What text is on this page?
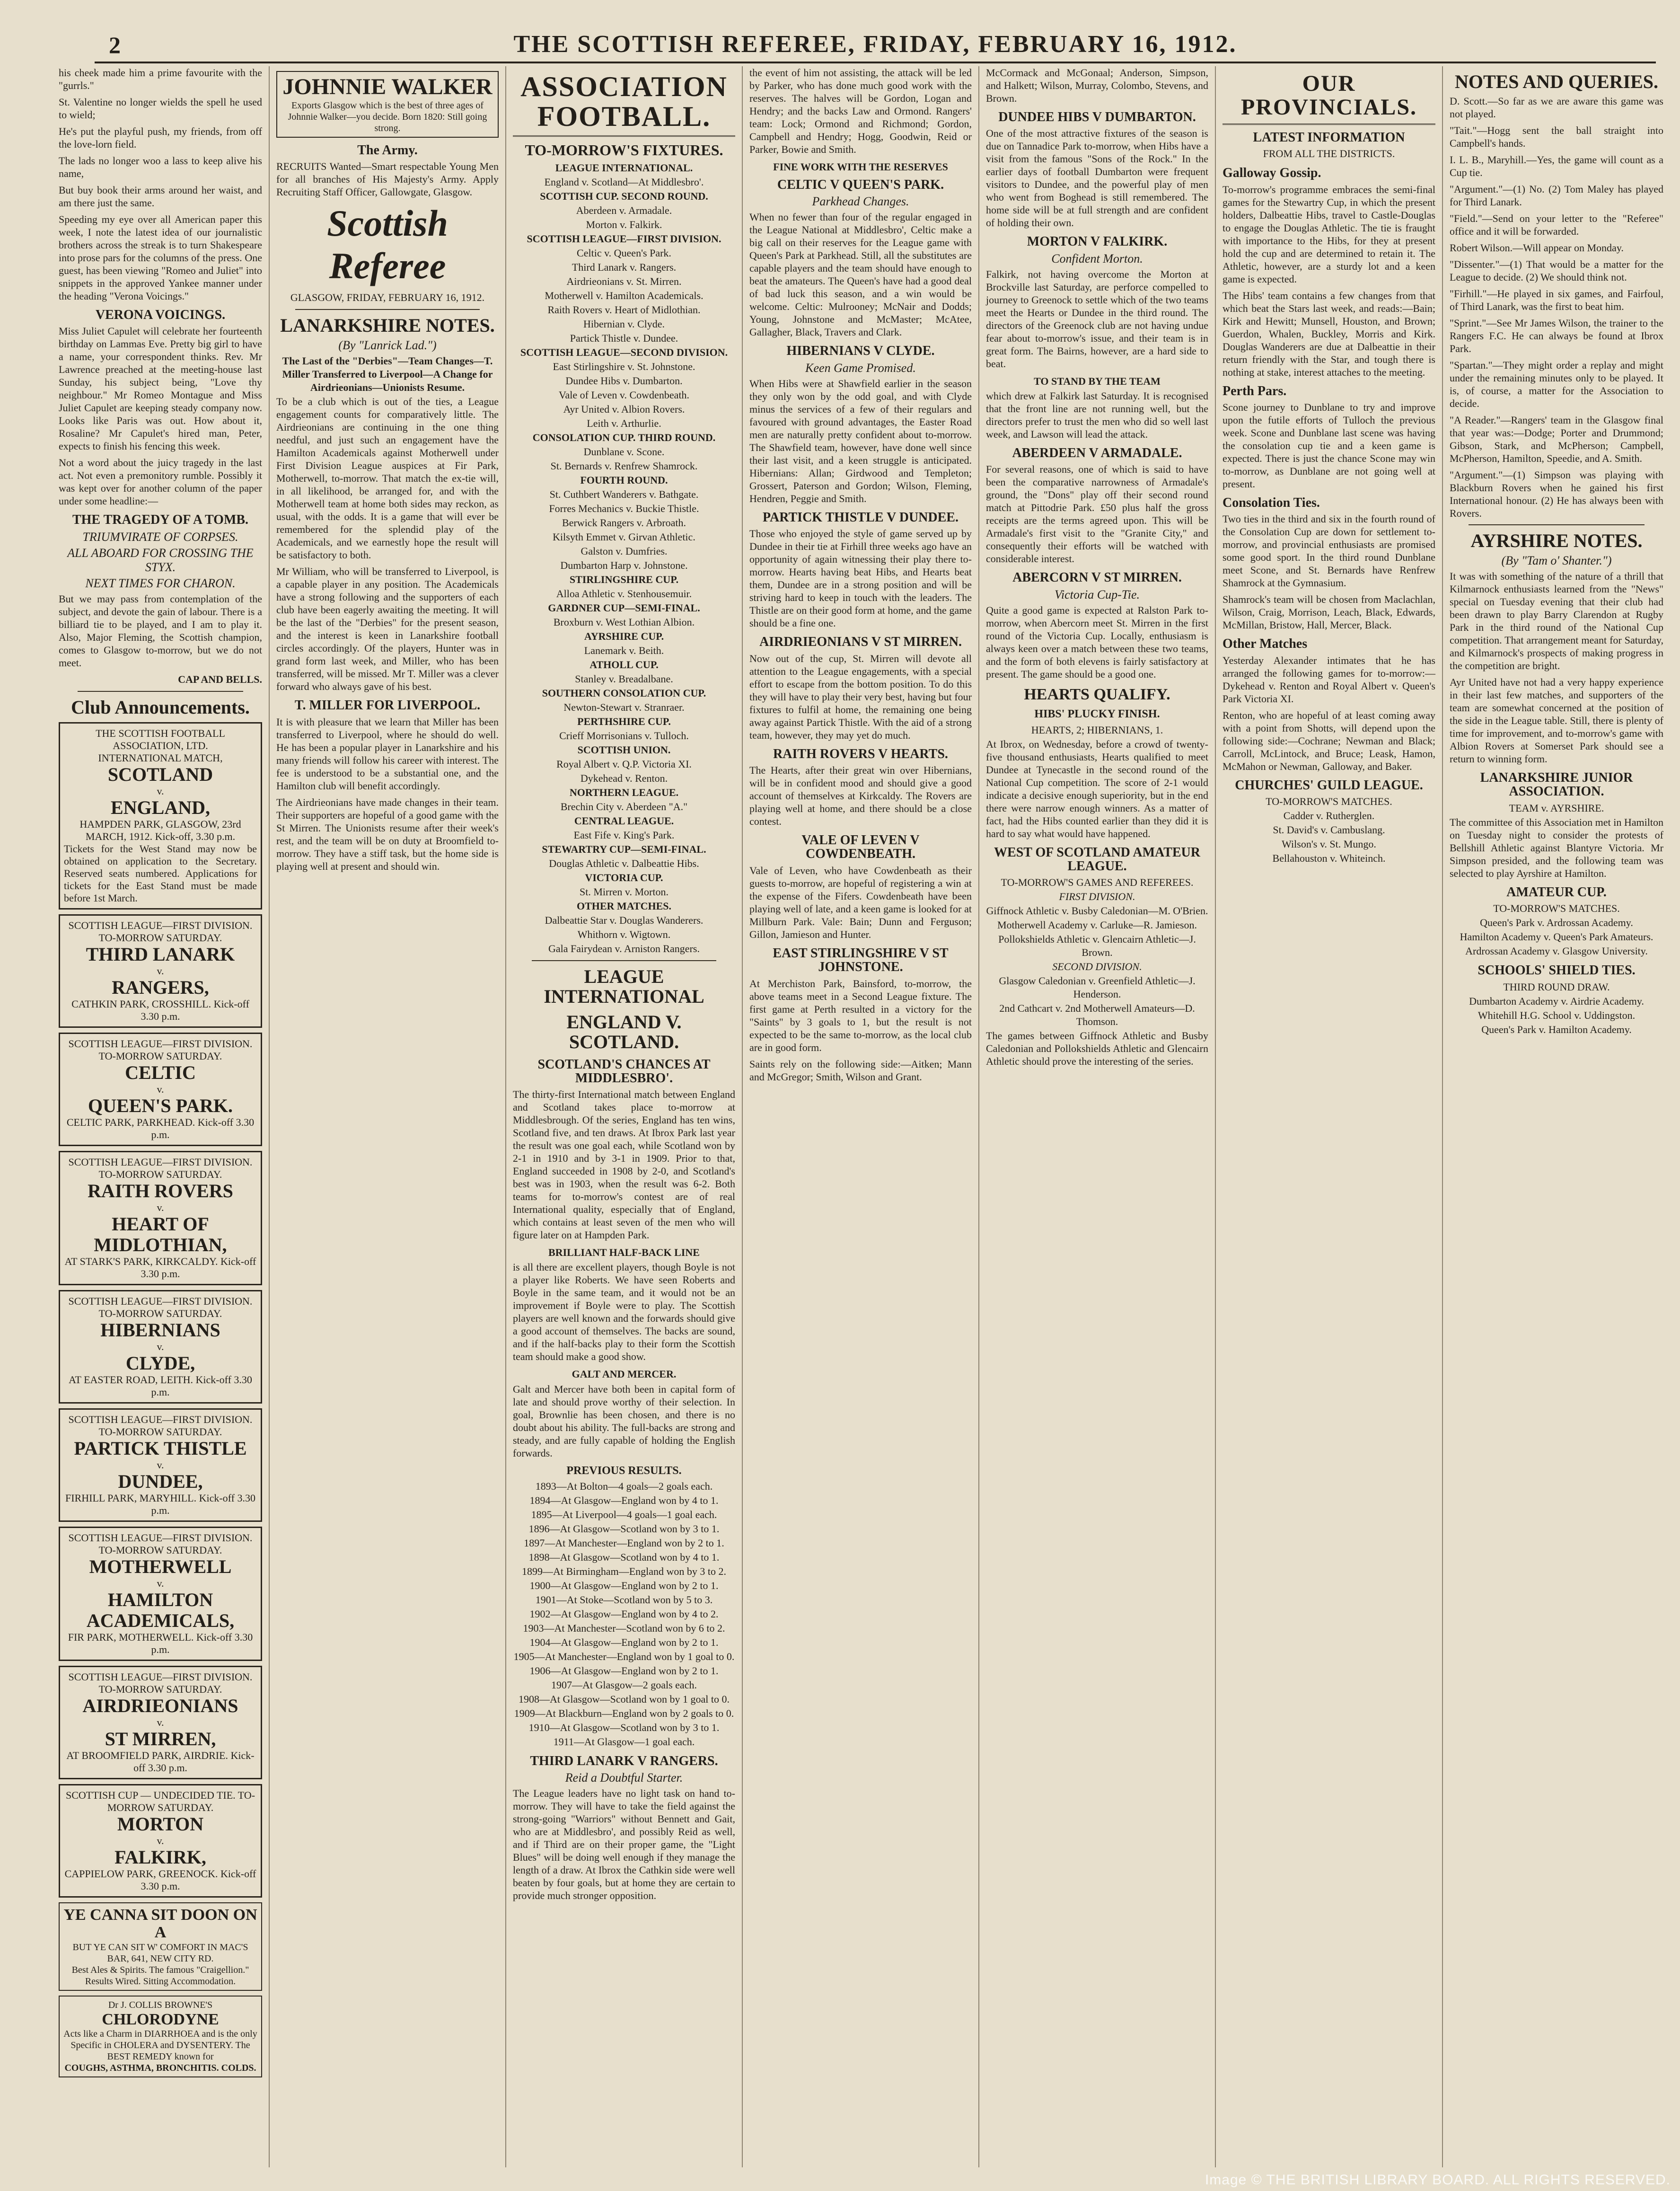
2	THE SCOTTISH REFEREE, FRIDAY, FEBRUARY 16, 1912.
his cheek made him a prime favourite with the "gurrls."
St. Valentine no longer wields the spell he used to wield;
He's put the playful push, my friends, from off the love-lorn field.
The lads no longer woo a lass to keep alive his name,
But buy book their arms around her waist, and am there just the same.
Speeding my eye over all American paper this week, I note the latest idea of our journalistic brothers across the streak is to turn Shakespeare into prose pars for the columns of the press. One guest, has been viewing "Romeo and Juliet" into snippets in the approved Yankee manner under the heading "Verona Voicings."
VERONA VOICINGS.

Miss Juliet Capulet will celebrate her fourteenth birthday on Lammas Eve. Pretty big girl to have a name, your correspondent thinks. Rev. Mr Lawrence preached at the meeting-house last Sunday, his subject being, "Love thy neighbour." Mr Romeo Montague and Miss Juliet Capulet are keeping steady company now. Looks like Paris was out. How about it, Rosaline? Mr Capulet's hired man, Peter, expects to finish his fencing this week.

Not a word about the juicy tragedy in the last act. Not even a premonitory rumble. Possibly it was kept over for another column of the paper under some headline:—

THE TRAGEDY OF A TOMB.
TRIUMVIRATE OF CORPSES.
ALL ABOARD FOR CROSSING THE STYX.
NEXT TIMES FOR CHARON.

But we may pass from contemplation of the subject, and devote the gain of labour. There is a billiard tie to be played, and I am to play it. Also, Major Fleming, the Scottish champion, comes to Glasgow to-morrow, but we do not meet.

CAP AND BELLS.
Club Announcements.
THE SCOTTISH FOOTBALL ASSOCIATION, LTD.
INTERNATIONAL MATCH,
SCOTLAND
v.
ENGLAND,
HAMPDEN PARK, GLASGOW, 23rd MARCH, 1912. Kick-off, 3.30 p.m.
Tickets for the West Stand may now be obtained on application to the Secretary. Reserved seats numbered. Applications for tickets for the East Stand must be made before 1st March.
SCOTTISH LEAGUE—FIRST DIVISION. TO-MORROW SATURDAY.
THIRD LANARK
v.
RANGERS,
CATHKIN PARK, CROSSHILL. Kick-off 3.30 p.m.
SCOTTISH LEAGUE—FIRST DIVISION. TO-MORROW SATURDAY.
CELTIC
v.
QUEEN'S PARK.
CELTIC PARK, PARKHEAD. Kick-off 3.30 p.m.
SCOTTISH LEAGUE—FIRST DIVISION. TO-MORROW SATURDAY.
RAITH ROVERS
v.
HEART OF MIDLOTHIAN,
AT STARK'S PARK, KIRKCALDY. Kick-off 3.30 p.m.
SCOTTISH LEAGUE—FIRST DIVISION. TO-MORROW SATURDAY.
HIBERNIANS
v.
CLYDE,
AT EASTER ROAD, LEITH. Kick-off 3.30 p.m.
SCOTTISH LEAGUE—FIRST DIVISION. TO-MORROW SATURDAY.
PARTICK THISTLE
v.
DUNDEE,
FIRHILL PARK, MARYHILL. Kick-off 3.30 p.m.
SCOTTISH LEAGUE—FIRST DIVISION. TO-MORROW SATURDAY.
MOTHERWELL
v.
HAMILTON ACADEMICALS,
FIR PARK, MOTHERWELL. Kick-off 3.30 p.m.
SCOTTISH LEAGUE—FIRST DIVISION. TO-MORROW SATURDAY.
AIRDRIEONIANS
v.
ST MIRREN,
AT BROOMFIELD PARK, AIRDRIE. Kick-off 3.30 p.m.
SCOTTISH CUP — UNDECIDED TIE. TO-MORROW SATURDAY.
MORTON
v.
FALKIRK,
CAPPIELOW PARK, GREENOCK. Kick-off 3.30 p.m.
YE CANNA SIT DOON ON A
BUT YE CAN SIT W' COMFORT IN MAC'S BAR, 641, NEW CITY RD.
Best Ales & Spirits. The famous "Craigellion." Results Wired. Sitting Accommodation.
Dr J. COLLIS BROWNE'S
CHLORODYNE
Acts like a Charm in DIARRHOEA and is the only Specific in CHOLERA and DYSENTERY. The BEST REMEDY known for
COUGHS, ASTHMA, BRONCHITIS. COLDS.
JOHNNIE WALKER
Exports Glasgow which is the best of three ages of Johnnie Walker—you decide. Born 1820: Still going strong.
The Army.

RECRUITS Wanted—Smart respectable Young Men for all branches of His Majesty's Army. Apply Recruiting Staff Officer, Gallowgate, Glasgow.

Scottish Referee
GLASGOW, FRIDAY, FEBRUARY 16, 1912.
LANARKSHIRE NOTES.
(By "Lanrick Lad.")
The Last of the "Derbies"—Team Changes—T. Miller Transferred to Liverpool—A Change for Airdrieonians—Unionists Resume.

To be a club which is out of the ties, a League engagement counts for comparatively little. The Airdrieonians are continuing in the one thing needful, and just such an engagement have the Hamilton Academicals against Motherwell under First Division League auspices at Fir Park, Motherwell, to-morrow. That match the ex-tie will, in all likelihood, be arranged for, and with the Motherwell team at home both sides may reckon, as usual, with the odds. It is a game that will ever be remembered for the splendid play of the Academicals, and we earnestly hope the result will be satisfactory to both.

Mr William, who will be transferred to Liverpool, is a capable player in any position. The Academicals have a strong following and the supporters of each club have been eagerly awaiting the meeting. It will be the last of the "Derbies" for the present season, and the interest is keen in Lanarkshire football circles accordingly. Of the players, Hunter was in grand form last week, and Miller, who has been transferred, will be missed. Mr T. Miller was a clever forward who always gave of his best.

T. MILLER FOR LIVERPOOL.

It is with pleasure that we learn that Miller has been transferred to Liverpool, where he should do well. He has been a popular player in Lanarkshire and his many friends will follow his career with interest. The fee is understood to be a substantial one, and the Hamilton club will benefit accordingly.

The Airdrieonians have made changes in their team. Their supporters are hopeful of a good game with the St Mirren. The Unionists resume after their week's rest, and the team will be on duty at Broomfield to-morrow. They have a stiff task, but the home side is playing well at present and should win.

ASSOCIATION FOOTBALL.
TO-MORROW'S FIXTURES.
LEAGUE INTERNATIONAL.
England v. Scotland—At Middlesbro'.
SCOTTISH CUP. SECOND ROUND.
Aberdeen v. Armadale.
Morton v. Falkirk.
SCOTTISH LEAGUE—FIRST DIVISION.
Celtic v. Queen's Park.
Third Lanark v. Rangers.
Airdrieonians v. St. Mirren.
Motherwell v. Hamilton Academicals.
Raith Rovers v. Heart of Midlothian.
Hibernian v. Clyde.
Partick Thistle v. Dundee.
SCOTTISH LEAGUE—SECOND DIVISION.
East Stirlingshire v. St. Johnstone.
Dundee Hibs v. Dumbarton.
Vale of Leven v. Cowdenbeath.
Ayr United v. Albion Rovers.
Leith v. Arthurlie.
CONSOLATION CUP. THIRD ROUND.
Dunblane v. Scone.
St. Bernards v. Renfrew Shamrock.
FOURTH ROUND.
St. Cuthbert Wanderers v. Bathgate.
Forres Mechanics v. Buckie Thistle.
Berwick Rangers v. Arbroath.
Kilsyth Emmet v. Girvan Athletic.
Galston v. Dumfries.
Dumbarton Harp v. Johnstone.
STIRLINGSHIRE CUP.
Alloa Athletic v. Stenhousemuir.
GARDNER CUP—SEMI-FINAL.
Broxburn v. West Lothian Albion.
AYRSHIRE CUP.
Lanemark v. Beith.
ATHOLL CUP.
Stanley v. Breadalbane.
SOUTHERN CONSOLATION CUP.
Newton-Stewart v. Stranraer.
PERTHSHIRE CUP.
Crieff Morrisonians v. Tulloch.
SCOTTISH UNION.
Royal Albert v. Q.P. Victoria XI.
Dykehead v. Renton.
NORTHERN LEAGUE.
Brechin City v. Aberdeen "A."
CENTRAL LEAGUE.
East Fife v. King's Park.
STEWARTRY CUP—SEMI-FINAL.
Douglas Athletic v. Dalbeattie Hibs.
VICTORIA CUP.
St. Mirren v. Morton.
OTHER MATCHES.
Dalbeattie Star v. Douglas Wanderers.
Whithorn v. Wigtown.
Gala Fairydean v. Arniston Rangers.
LEAGUE INTERNATIONAL
ENGLAND V. SCOTLAND.
SCOTLAND'S CHANCES AT MIDDLESBRO'.

The thirty-first International match between England and Scotland takes place to-morrow at Middlesbrough. Of the series, England has ten wins, Scotland five, and ten draws. At Ibrox Park last year the result was one goal each, while Scotland won by 2-1 in 1910 and by 3-1 in 1909. Prior to that, England succeeded in 1908 by 2-0, and Scotland's best was in 1903, when the result was 6-2. Both teams for to-morrow's contest are of real International quality, especially that of England, which contains at least seven of the men who will figure later on at Hampden Park.

BRILLIANT HALF-BACK LINE

is all there are excellent players, though Boyle is not a player like Roberts. We have seen Roberts and Boyle in the same team, and it would not be an improvement if Boyle were to play. The Scottish players are well known and the forwards should give a good account of themselves. The backs are sound, and if the half-backs play to their form the Scottish team should make a good show.

GALT AND MERCER.

Galt and Mercer have both been in capital form of late and should prove worthy of their selection. In goal, Brownlie has been chosen, and there is no doubt about his ability. The full-backs are strong and steady, and are fully capable of holding the English forwards.

PREVIOUS RESULTS.
1893—At Bolton—4 goals—2 goals each.
1894—At Glasgow—England won by 4 to 1.
1895—At Liverpool—4 goals—1 goal each.
1896—At Glasgow—Scotland won by 3 to 1.
1897—At Manchester—England won by 2 to 1.
1898—At Glasgow—Scotland won by 4 to 1.
1899—At Birmingham—England won by 3 to 2.
1900—At Glasgow—England won by 2 to 1.
1901—At Stoke—Scotland won by 5 to 3.
1902—At Glasgow—England won by 4 to 2.
1903—At Manchester—Scotland won by 6 to 2.
1904—At Glasgow—England won by 2 to 1.
1905—At Manchester—England won by 1 goal to 0.
1906—At Glasgow—England won by 2 to 1.
1907—At Glasgow—2 goals each.
1908—At Glasgow—Scotland won by 1 goal to 0.
1909—At Blackburn—England won by 2 goals to 0.
1910—At Glasgow—Scotland won by 3 to 1.
1911—At Glasgow—1 goal each.
THIRD LANARK V RANGERS.
Reid a Doubtful Starter.

The League leaders have no light task on hand to-morrow. They will have to take the field against the strong-going "Warriors" without Bennett and Gait, who are at Middlesbro', and possibly Reid as well, and if Third are on their proper game, the "Light Blues" will be doing well enough if they manage the length of a draw. At Ibrox the Cathkin side were well beaten by four goals, but at home they are certain to provide much stronger opposition.

the event of him not assisting, the attack will be led by Parker, who has done much good work with the reserves. The halves will be Gordon, Logan and Hendry; and the backs Law and Ormond. Rangers' team: Lock; Ormond and Richmond; Gordon, Campbell and Hendry; Hogg, Goodwin, Reid or Parker, Bowie and Smith.

FINE WORK WITH THE RESERVES
CELTIC V QUEEN'S PARK.
Parkhead Changes.

When no fewer than four of the regular engaged in the League National at Middlesbro', Celtic make a big call on their reserves for the League game with Queen's Park at Parkhead. Still, all the substitutes are capable players and the team should have enough to beat the amateurs. The Queen's have had a good deal of bad luck this season, and a win would be welcome. Celtic: Mulrooney; McNair and Dodds; Young, Johnstone and McMaster; McAtee, Gallagher, Black, Travers and Clark.

HIBERNIANS V CLYDE.
Keen Game Promised.

When Hibs were at Shawfield earlier in the season they only won by the odd goal, and with Clyde minus the services of a few of their regulars and favoured with ground advantages, the Easter Road men are naturally pretty confident about to-morrow. The Shawfield team, however, have done well since their last visit, and a keen struggle is anticipated. Hibernians: Allan; Girdwood and Templeton; Grossert, Paterson and Gordon; Wilson, Fleming, Hendren, Peggie and Smith.

PARTICK THISTLE V DUNDEE.

Those who enjoyed the style of game served up by Dundee in their tie at Firhill three weeks ago have an opportunity of again witnessing their play there to-morrow. Hearts having beat Hibs, and Hearts beat them, Dundee are in a strong position and will be striving hard to keep in touch with the leaders. The Thistle are on their good form at home, and the game should be a fine one.

AIRDRIEONIANS V ST MIRREN.

Now out of the cup, St. Mirren will devote all attention to the League engagements, with a special effort to escape from the bottom position. To do this they will have to play their very best, having but four fixtures to fulfil at home, the remaining one being away against Partick Thistle. With the aid of a strong team, however, they may yet do much.

RAITH ROVERS V HEARTS.

The Hearts, after their great win over Hibernians, will be in confident mood and should give a good account of themselves at Kirkcaldy. The Rovers are playing well at home, and there should be a close contest.

VALE OF LEVEN V COWDENBEATH.

Vale of Leven, who have Cowdenbeath as their guests to-morrow, are hopeful of registering a win at the expense of the Fifers. Cowdenbeath have been playing well of late, and a keen game is looked for at Millburn Park. Vale: Bain; Dunn and Ferguson; Gillon, Jamieson and Hunter.

EAST STIRLINGSHIRE V ST JOHNSTONE.

At Merchiston Park, Bainsford, to-morrow, the above teams meet in a Second League fixture. The first game at Perth resulted in a victory for the "Saints" by 3 goals to 1, but the result is not expected to be the same to-morrow, as the local club are in good form.

Saints rely on the following side:—Aitken; Mann and McGregor; Smith, Wilson and Grant.

McCormack and McGonaal; Anderson, Simpson, and Halkett; Wilson, Murray, Colombo, Stevens, and Brown.

DUNDEE HIBS V DUMBARTON.

One of the most attractive fixtures of the season is due on Tannadice Park to-morrow, when Hibs have a visit from the famous "Sons of the Rock." In the earlier days of football Dumbarton were frequent visitors to Dundee, and the powerful play of men who went from Boghead is still remembered. The home side will be at full strength and are confident of holding their own.

MORTON V FALKIRK.
Confident Morton.

Falkirk, not having overcome the Morton at Brockville last Saturday, are perforce compelled to journey to Greenock to settle which of the two teams meet the Hearts or Dundee in the third round. The directors of the Greenock club are not having undue fear about to-morrow's issue, and their team is in great form. The Bairns, however, are a hard side to beat.

TO STAND BY THE TEAM

which drew at Falkirk last Saturday. It is recognised that the front line are not running well, but the directors prefer to trust the men who did so well last week, and Lawson will lead the attack.

ABERDEEN V ARMADALE.

For several reasons, one of which is said to have been the comparative narrowness of Armadale's ground, the "Dons" play off their second round match at Pittodrie Park. £50 plus half the gross receipts are the terms agreed upon. This will be Armadale's first visit to the "Granite City," and consequently their efforts will be watched with considerable interest.

ABERCORN V ST MIRREN.
Victoria Cup-Tie.

Quite a good game is expected at Ralston Park to-morrow, when Abercorn meet St. Mirren in the first round of the Victoria Cup. Locally, enthusiasm is always keen over a match between these two teams, and the form of both elevens is fairly satisfactory at present. The game should be a good one.

HEARTS QUALIFY.
HIBS' PLUCKY FINISH.
HEARTS, 2; HIBERNIANS, 1.

At Ibrox, on Wednesday, before a crowd of twenty-five thousand enthusiasts, Hearts qualified to meet Dundee at Tynecastle in the second round of the National Cup competition. The score of 2-1 would indicate a decisive enough superiority, but in the end there were narrow enough winners. As a matter of fact, had the Hibs counted earlier than they did it is hard to say what would have happened.

WEST OF SCOTLAND AMATEUR LEAGUE.
TO-MORROW'S GAMES AND REFEREES.
FIRST DIVISION.
Giffnock Athletic v. Busby Caledonian—M. O'Brien.
Motherwell Academy v. Carluke—R. Jamieson.
Pollokshields Athletic v. Glencairn Athletic—J. Brown.
SECOND DIVISION.
Glasgow Caledonian v. Greenfield Athletic—J. Henderson.
2nd Cathcart v. 2nd Motherwell Amateurs—D. Thomson.

The games between Giffnock Athletic and Busby Caledonian and Pollokshields Athletic and Glencairn Athletic should prove the interesting of the series.

OUR PROVINCIALS.
LATEST INFORMATION
FROM ALL THE DISTRICTS.
Galloway Gossip.

To-morrow's programme embraces the semi-final games for the Stewartry Cup, in which the present holders, Dalbeattie Hibs, travel to Castle-Douglas to engage the Douglas Athletic. The tie is fraught with importance to the Hibs, for they at present hold the cup and are determined to retain it. The Athletic, however, are a sturdy lot and a keen game is expected.

The Hibs' team contains a few changes from that which beat the Stars last week, and reads:—Bain; Kirk and Hewitt; Munsell, Houston, and Brown; Guerdon, Whalen, Buckley, Morris and Kirk. Douglas Wanderers are due at Dalbeattie in their return friendly with the Star, and tough there is nothing at stake, interest attaches to the meeting.

Perth Pars.

Scone journey to Dunblane to try and improve upon the futile efforts of Tulloch the previous week. Scone and Dunblane last scene was having the consolation cup tie and a keen game is expected. There is just the chance Scone may win to-morrow, as Dunblane are not going well at present.

Consolation Ties.

Two ties in the third and six in the fourth round of the Consolation Cup are down for settlement to-morrow, and provincial enthusiasts are promised some good sport. In the third round Dunblane meet Scone, and St. Bernards have Renfrew Shamrock at the Gymnasium.

Shamrock's team will be chosen from Maclachlan, Wilson, Craig, Morrison, Leach, Black, Edwards, McMillan, Bristow, Hall, Mercer, Black.

Other Matches

Yesterday Alexander intimates that he has arranged the following games for to-morrow:—Dykehead v. Renton and Royal Albert v. Queen's Park Victoria XI.

Renton, who are hopeful of at least coming away with a point from Shotts, will depend upon the following side:—Cochrane; Newman and Black; Carroll, McLintock, and Bruce; Leask, Hamon, McMahon or Newman, Galloway, and Baker.

CHURCHES' GUILD LEAGUE.
TO-MORROW'S MATCHES.
Cadder v. Rutherglen.
St. David's v. Cambuslang.
Wilson's v. St. Mungo.
Bellahouston v. Whiteinch.
NOTES AND QUERIES.
D. Scott.—So far as we are aware this game was not played.
"Tait."—Hogg sent the ball straight into Campbell's hands.
I. L. B., Maryhill.—Yes, the game will count as a Cup tie.
"Argument."—(1) No. (2) Tom Maley has played for Third Lanark.
"Field."—Send on your letter to the "Referee" office and it will be forwarded.
Robert Wilson.—Will appear on Monday.
"Dissenter."—(1) That would be a matter for the League to decide. (2) We should think not.
"Firhill."—He played in six games, and Fairfoul, of Third Lanark, was the first to beat him.
"Sprint."—See Mr James Wilson, the trainer to the Rangers F.C. He can always be found at Ibrox Park.
"Spartan."—They might order a replay and might under the remaining minutes only to be played. It is, of course, a matter for the Association to decide.
"A Reader."—Rangers' team in the Glasgow final that year was:—Dodge; Porter and Drummond; Gibson, Stark, and McPherson; Campbell, McPherson, Hamilton, Speedie, and A. Smith.
"Argument."—(1) Simpson was playing with Blackburn Rovers when he gained his first International honour. (2) He has always been with Rovers.
AYRSHIRE NOTES.
(By "Tam o' Shanter.")

It was with something of the nature of a thrill that Kilmarnock enthusiasts learned from the "News" special on Tuesday evening that their club had been drawn to play Barry Clarendon at Rugby Park in the third round of the National Cup competition. That arrangement meant for Saturday, and Kilmarnock's prospects of making progress in the competition are bright.

Ayr United have not had a very happy experience in their last few matches, and supporters of the team are somewhat concerned at the position of the side in the League table. Still, there is plenty of time for improvement, and to-morrow's game with Albion Rovers at Somerset Park should see a return to winning form.

LANARKSHIRE JUNIOR ASSOCIATION.
TEAM v. AYRSHIRE.

The committee of this Association met in Hamilton on Tuesday night to consider the protests of Bellshill Athletic against Blantyre Victoria. Mr Simpson presided, and the following team was selected to play Ayrshire at Hamilton.

AMATEUR CUP.
TO-MORROW'S MATCHES.
Queen's Park v. Ardrossan Academy.
Hamilton Academy v. Queen's Park Amateurs.
Ardrossan Academy v. Glasgow University.
SCHOOLS' SHIELD TIES.
THIRD ROUND DRAW.
Dumbarton Academy v. Airdrie Academy.
Whitehill H.G. School v. Uddingston.
Queen's Park v. Hamilton Academy.
Image © THE BRITISH LIBRARY BOARD. ALL RIGHTS RESERVED.
